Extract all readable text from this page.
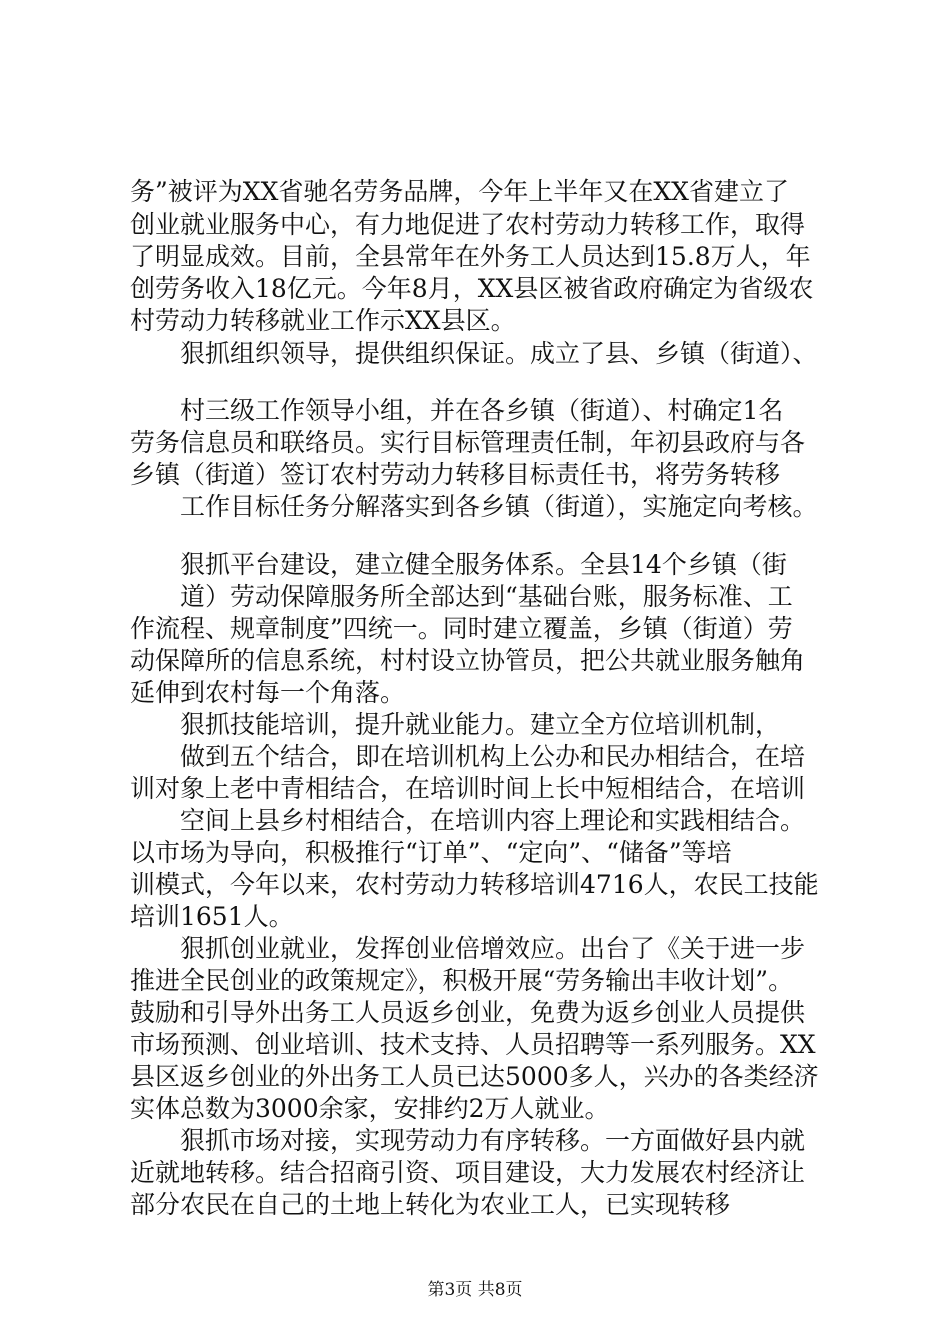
务”被评为XX省驰名劳务品牌，今年上半年又在XX省建立了
创业就业服务中心，有力地促进了农村劳动力转移工作，取得
了明显成效。目前，全县常年在外务工人员达到15.8万人，年
创劳务收入18亿元。今年8月，XX县区被省政府确定为省级农
村劳动力转移就业工作示XX县区。
狠抓组织领导，提供组织保证。成立了县、乡镇（街道）、
村三级工作领导小组，并在各乡镇（街道）、村确定1名
劳务信息员和联络员。实行目标管理责任制，年初县政府与各
乡镇（街道）签订农村劳动力转移目标责任书，将劳务转移
工作目标任务分解落实到各乡镇（街道），实施定向考核。
狠抓平台建设，建立健全服务体系。全县14个乡镇（街
道）劳动保障服务所全部达到“基础台账，服务标准、工
作流程、规章制度”四统一。同时建立覆盖，乡镇（街道）劳
动保障所的信息系统，村村设立协管员，把公共就业服务触角
延伸到农村每一个角落。
狠抓技能培训，提升就业能力。建立全方位培训机制，
做到五个结合，即在培训机构上公办和民办相结合，在培
训对象上老中青相结合，在培训时间上长中短相结合，在培训
空间上县乡村相结合，在培训内容上理论和实践相结合。
以市场为导向，积极推行“订单”、“定向”、“储备”等培
训模式，今年以来，农村劳动力转移培训4716人，农民工技能
培训1651人。
狠抓创业就业，发挥创业倍增效应。出台了《关于进一步
推进全民创业的政策规定》，积极开展“劳务输出丰收计划”。
鼓励和引导外出务工人员返乡创业，免费为返乡创业人员提供
市场预测、创业培训、技术支持、人员招聘等一系列服务。XX
县区返乡创业的外出务工人员已达5000多人，兴办的各类经济
实体总数为3000余家，安排约2万人就业。
狠抓市场对接，实现劳动力有序转移。一方面做好县内就
近就地转移。结合招商引资、项目建设，大力发展农村经济让
部分农民在自己的土地上转化为农业工人，已实现转移
第3页 共8页
